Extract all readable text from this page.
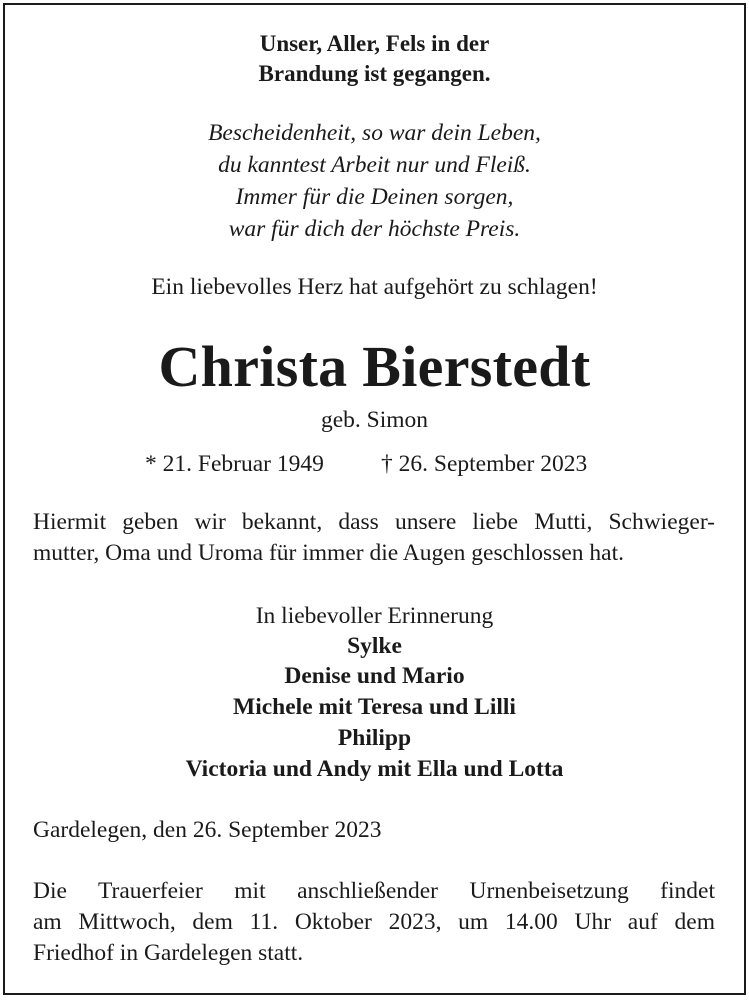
Unser, Aller, Fels in der

Brandung ist gegangen.

Bescheidenheit, so war dein Leben,

du kanntest Arbeit nur und Fleiß.

Immer für die Deinen sorgen,

war für dich der höchste Preis.

Ein liebevolles Herz hat aufgehört zu schlagen!

Christa Bierstedt

geb. Simon

* 21. Februar 1949 † 26. September 2023

Hiermit geben wir bekannt, dass unsere liebe Mutti, Schwieger-
mutter, Oma und Uroma für immer die Augen geschlossen hat.

In liebevoller Erinnerung

Sylke

Denise und Mario

Michele mit Teresa und Lilli

Philipp

Victoria und Andy mit Ella und Lotta

Gardelegen, den 26. September 2023

Die Trauerfeier mit anschließender Urnenbeisetzung findet
am Mittwoch, dem 11. Oktober 2023, um 14.00 Uhr auf dem
Friedhof in Gardelegen statt.
